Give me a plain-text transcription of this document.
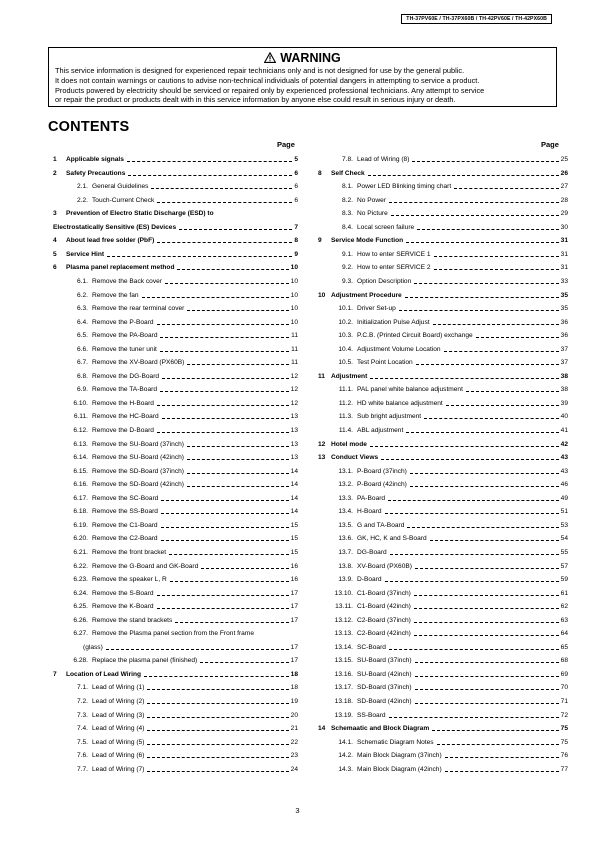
TH-37PV60E / TH-37PX60B / TH-42PV60E / TH-42PX60B
WARNING
This service information is designed for experienced repair technicians only and is not designed for use by the general public.
It does not contain warnings or cautions to advise non-technical individuals of potential dangers in attempting to service a product.
Products powered by electricity should be serviced or repaired only by experienced professional technicians. Any attempt to service
or repair the product or products dealt with in this service information by anyone else could result in serious injury or death.
CONTENTS
Page	Page
1	Applicable signals	5
2	Safety Precautions	6
2.1. General Guidelines	6
2.2. Touch-Current Check	6
3	Prevention of Electro Static Discharge (ESD) to
Electrostatically Sensitive (ES) Devices	7
4	About lead free solder (PbF)	8
5	Service Hint	9
6	Plasma panel replacement method	10
6.1. Remove the Back cover	10
6.2. Remove the fan	10
6.3. Remove the rear terminal cover	10
6.4. Remove the P-Board	10
6.5. Remove the PA-Board	11
6.6. Remove the tuner unit	11
6.7. Remove the XV-Board (PX60B)	11
6.8. Remove the DG-Board	12
6.9. Remove the TA-Board	12
6.10. Remove the H-Board	12
6.11. Remove the HC-Board	13
6.12. Remove the D-Board	13
6.13. Remove the SU-Board (37inch)	13
6.14. Remove the SU-Board (42inch)	13
6.15. Remove the SD-Board (37inch)	14
6.16. Remove the SD-Board (42inch)	14
6.17. Remove the SC-Board	14
6.18. Remove the SS-Board	14
6.19. Remove the C1-Board	15
6.20. Remove the C2-Board	15
6.21. Remove the front bracket	15
6.22. Remove the G-Board and GK-Board	16
6.23. Remove the speaker L, R	16
6.24. Remove the S-Board	17
6.25. Remove the K-Board	17
6.26. Remove the stand brackets	17
6.27. Remove the Plasma panel section from the Front frame
(glass)	17
6.28. Replace the plasma panel (finished)	17
7	Location of Lead Wiring	18
7.1. Lead of Wiring (1)	18
7.2. Lead of Wiring (2)	19
7.3. Lead of Wiring (3)	20
7.4. Lead of Wiring (4)	21
7.5. Lead of Wiring (5)	22
7.6. Lead of Wiring (6)	23
7.7. Lead of Wiring (7)	24
7.8. Lead of Wiring (8)	25
8	Self Check	26
8.1. Power LED Blinking timing chart	27
8.2. No Power	28
8.3. No Picture	29
8.4. Local screen failure	30
9	Service Mode Function	31
9.1. How to enter SERVICE 1	31
9.2. How to enter SERVICE 2	31
9.3. Option Description	33
10 Adjustment Procedure	35
10.1. Driver Set-up	35
10.2. Initialization Pulse Adjust	36
10.3. P.C.B. (Printed Circuit Board) exchange	36
10.4. Adjustment Volume Location	37
10.5. Test Point Location	37
11 Adjustment	38
11.1. PAL panel white balance adjustment	38
11.2. HD white balance adjustment	39
11.3. Sub bright adjustment	40
11.4. ABL adjustment	41
12 Hotel mode	42
13 Conduct Views	43
13.1. P-Board (37inch)	43
13.2. P-Board (42inch)	46
13.3. PA-Board	49
13.4. H-Board	51
13.5. G and TA-Board	53
13.6. GK, HC, K and S-Board	54
13.7. DG-Board	55
13.8. XV-Board (PX60B)	57
13.9. D-Board	59
13.10. C1-Board (37inch)	61
13.11. C1-Board (42inch)	62
13.12. C2-Board (37inch)	63
13.13. C2-Board (42inch)	64
13.14. SC-Board	65
13.15. SU-Board (37inch)	68
13.16. SU-Board (42inch)	69
13.17. SD-Board (37inch)	70
13.18. SD-Board (42inch)	71
13.19. SS-Board	72
14 Schemaatic and Block Diagram	75
14.1. Schematic Diagram Notes	75
14.2. Main Block Diagram (37inch)	76
14.3. Main Block Diagram (42inch)	77
3
